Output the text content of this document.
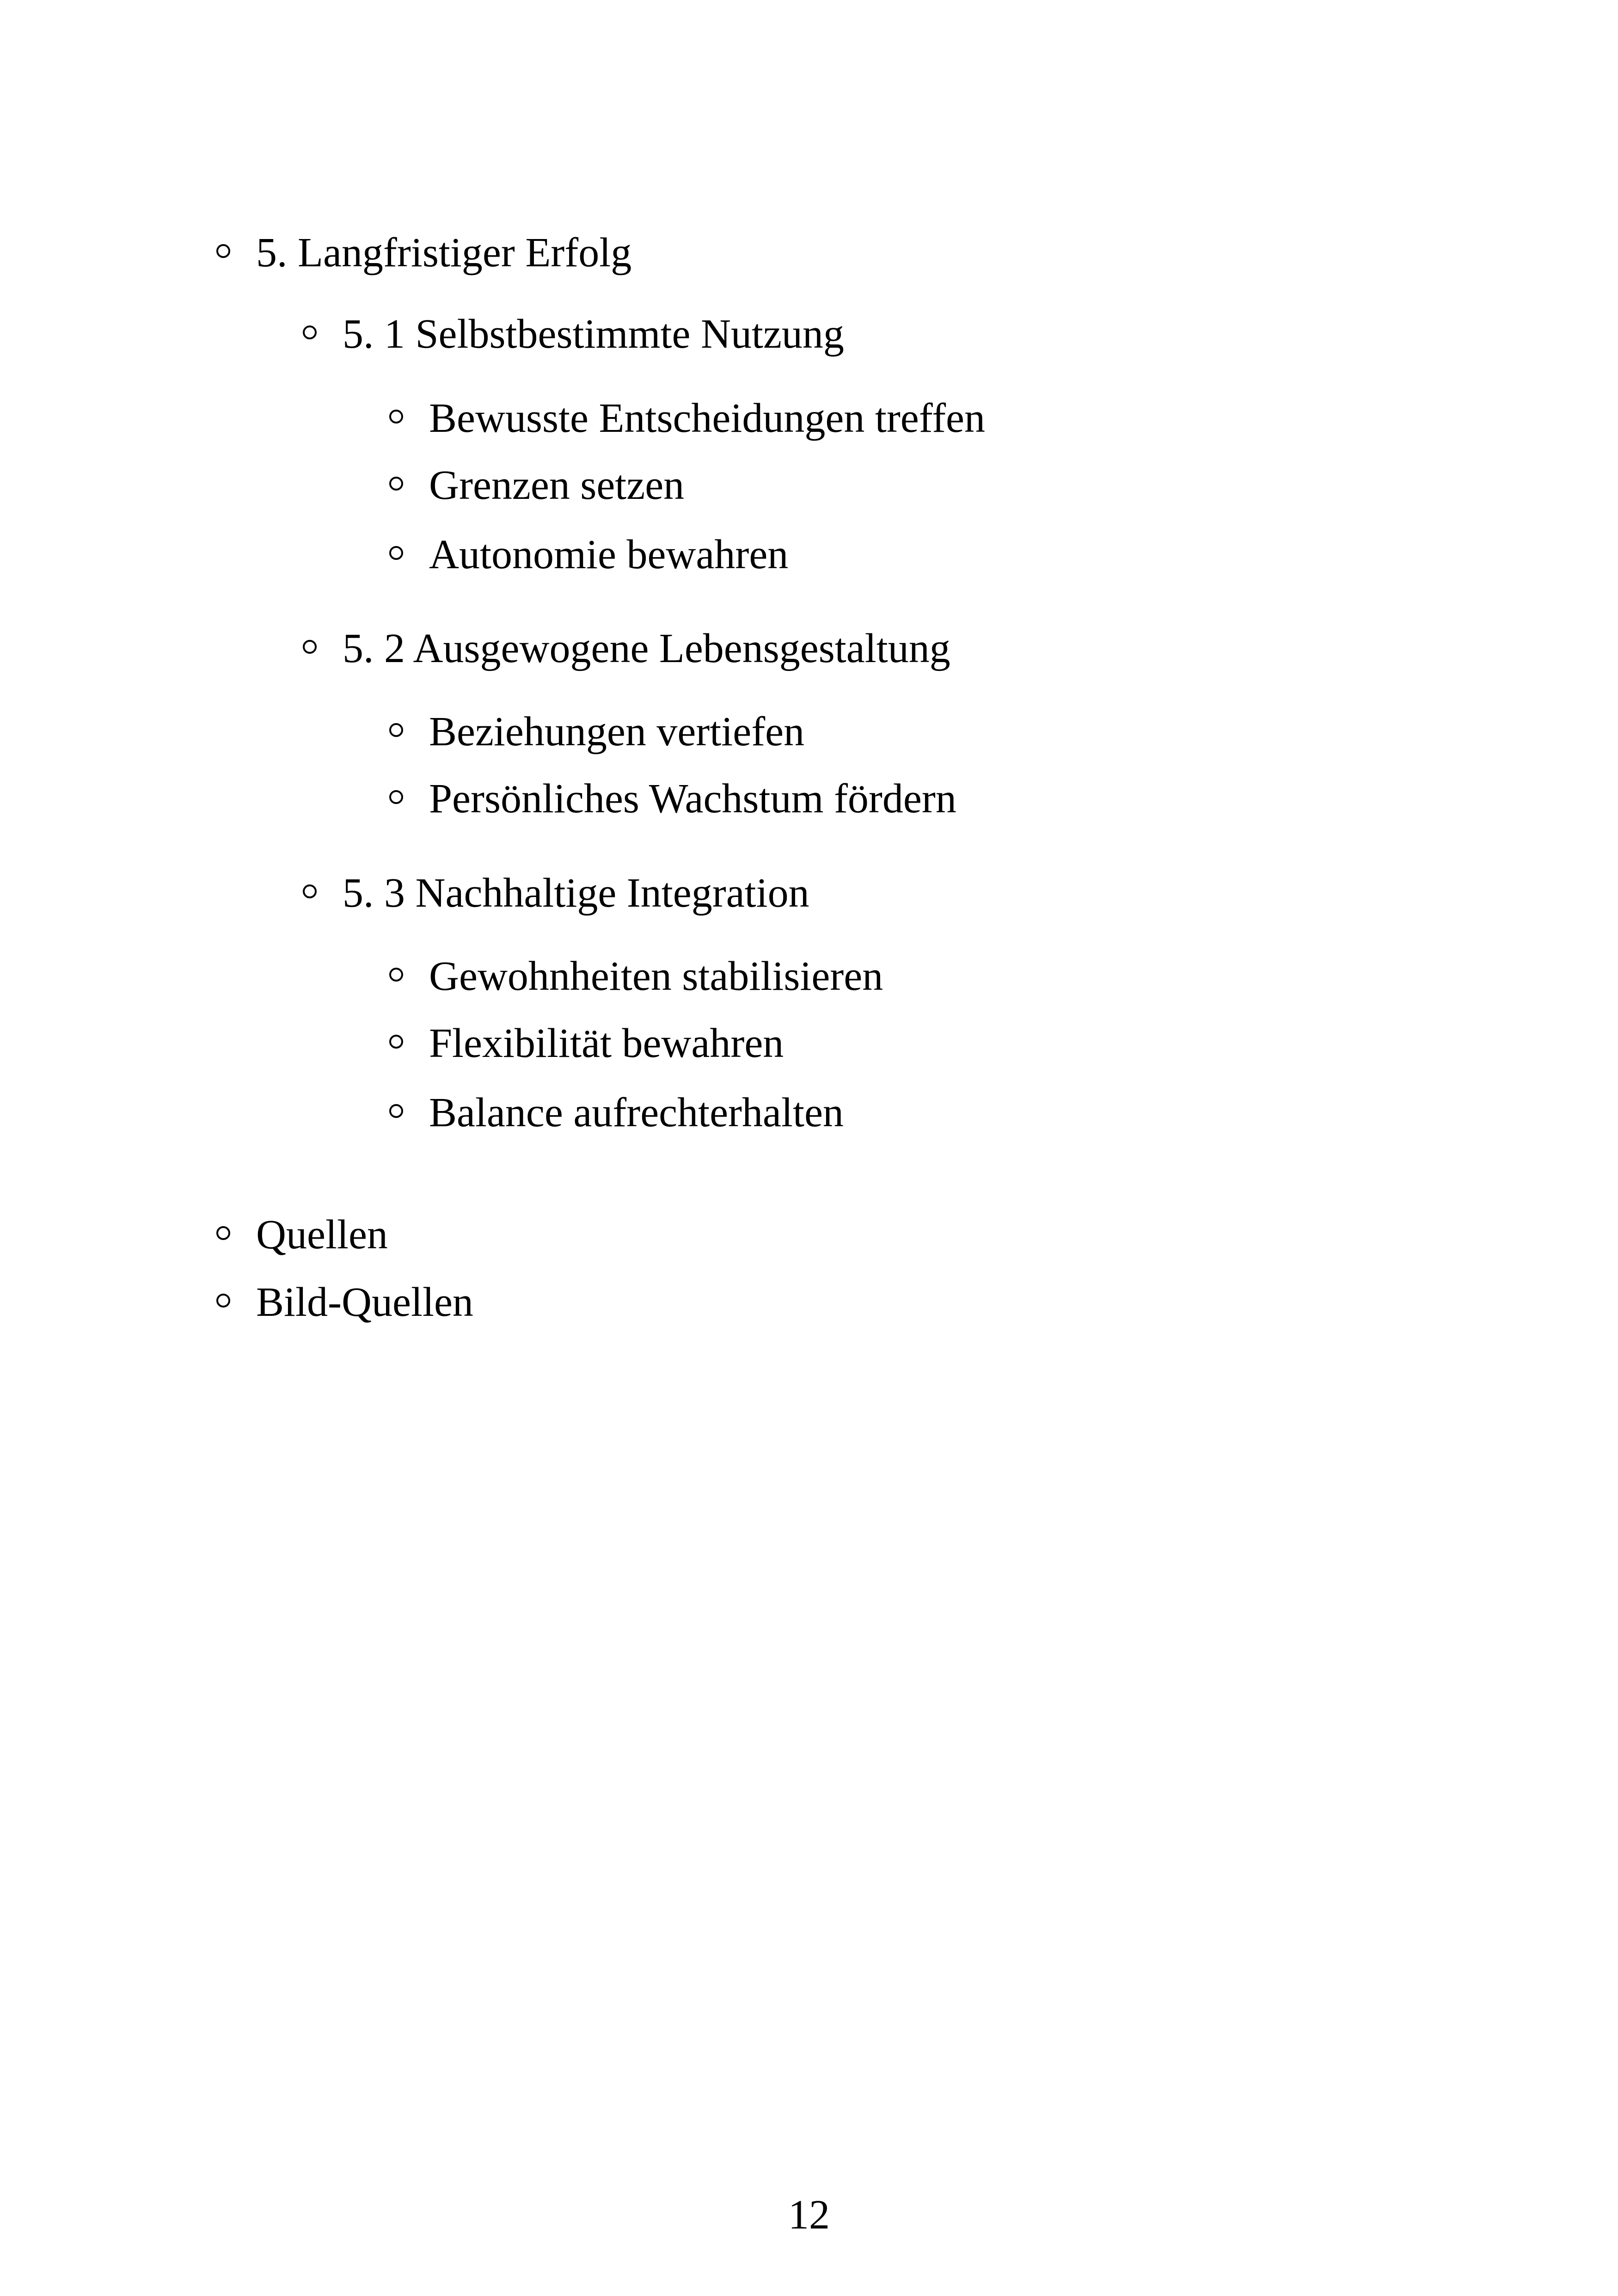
5. Langfristiger Erfolg
5. 1 Selbstbestimmte Nutzung
Bewusste Entscheidungen treffen
Grenzen setzen
Autonomie bewahren
5. 2 Ausgewogene Lebensgestaltung
Beziehungen vertiefen
Persönliches Wachstum fördern
5. 3 Nachhaltige Integration
Gewohnheiten stabilisieren
Flexibilität bewahren
Balance aufrechterhalten
Quellen
Bild-Quellen
12
